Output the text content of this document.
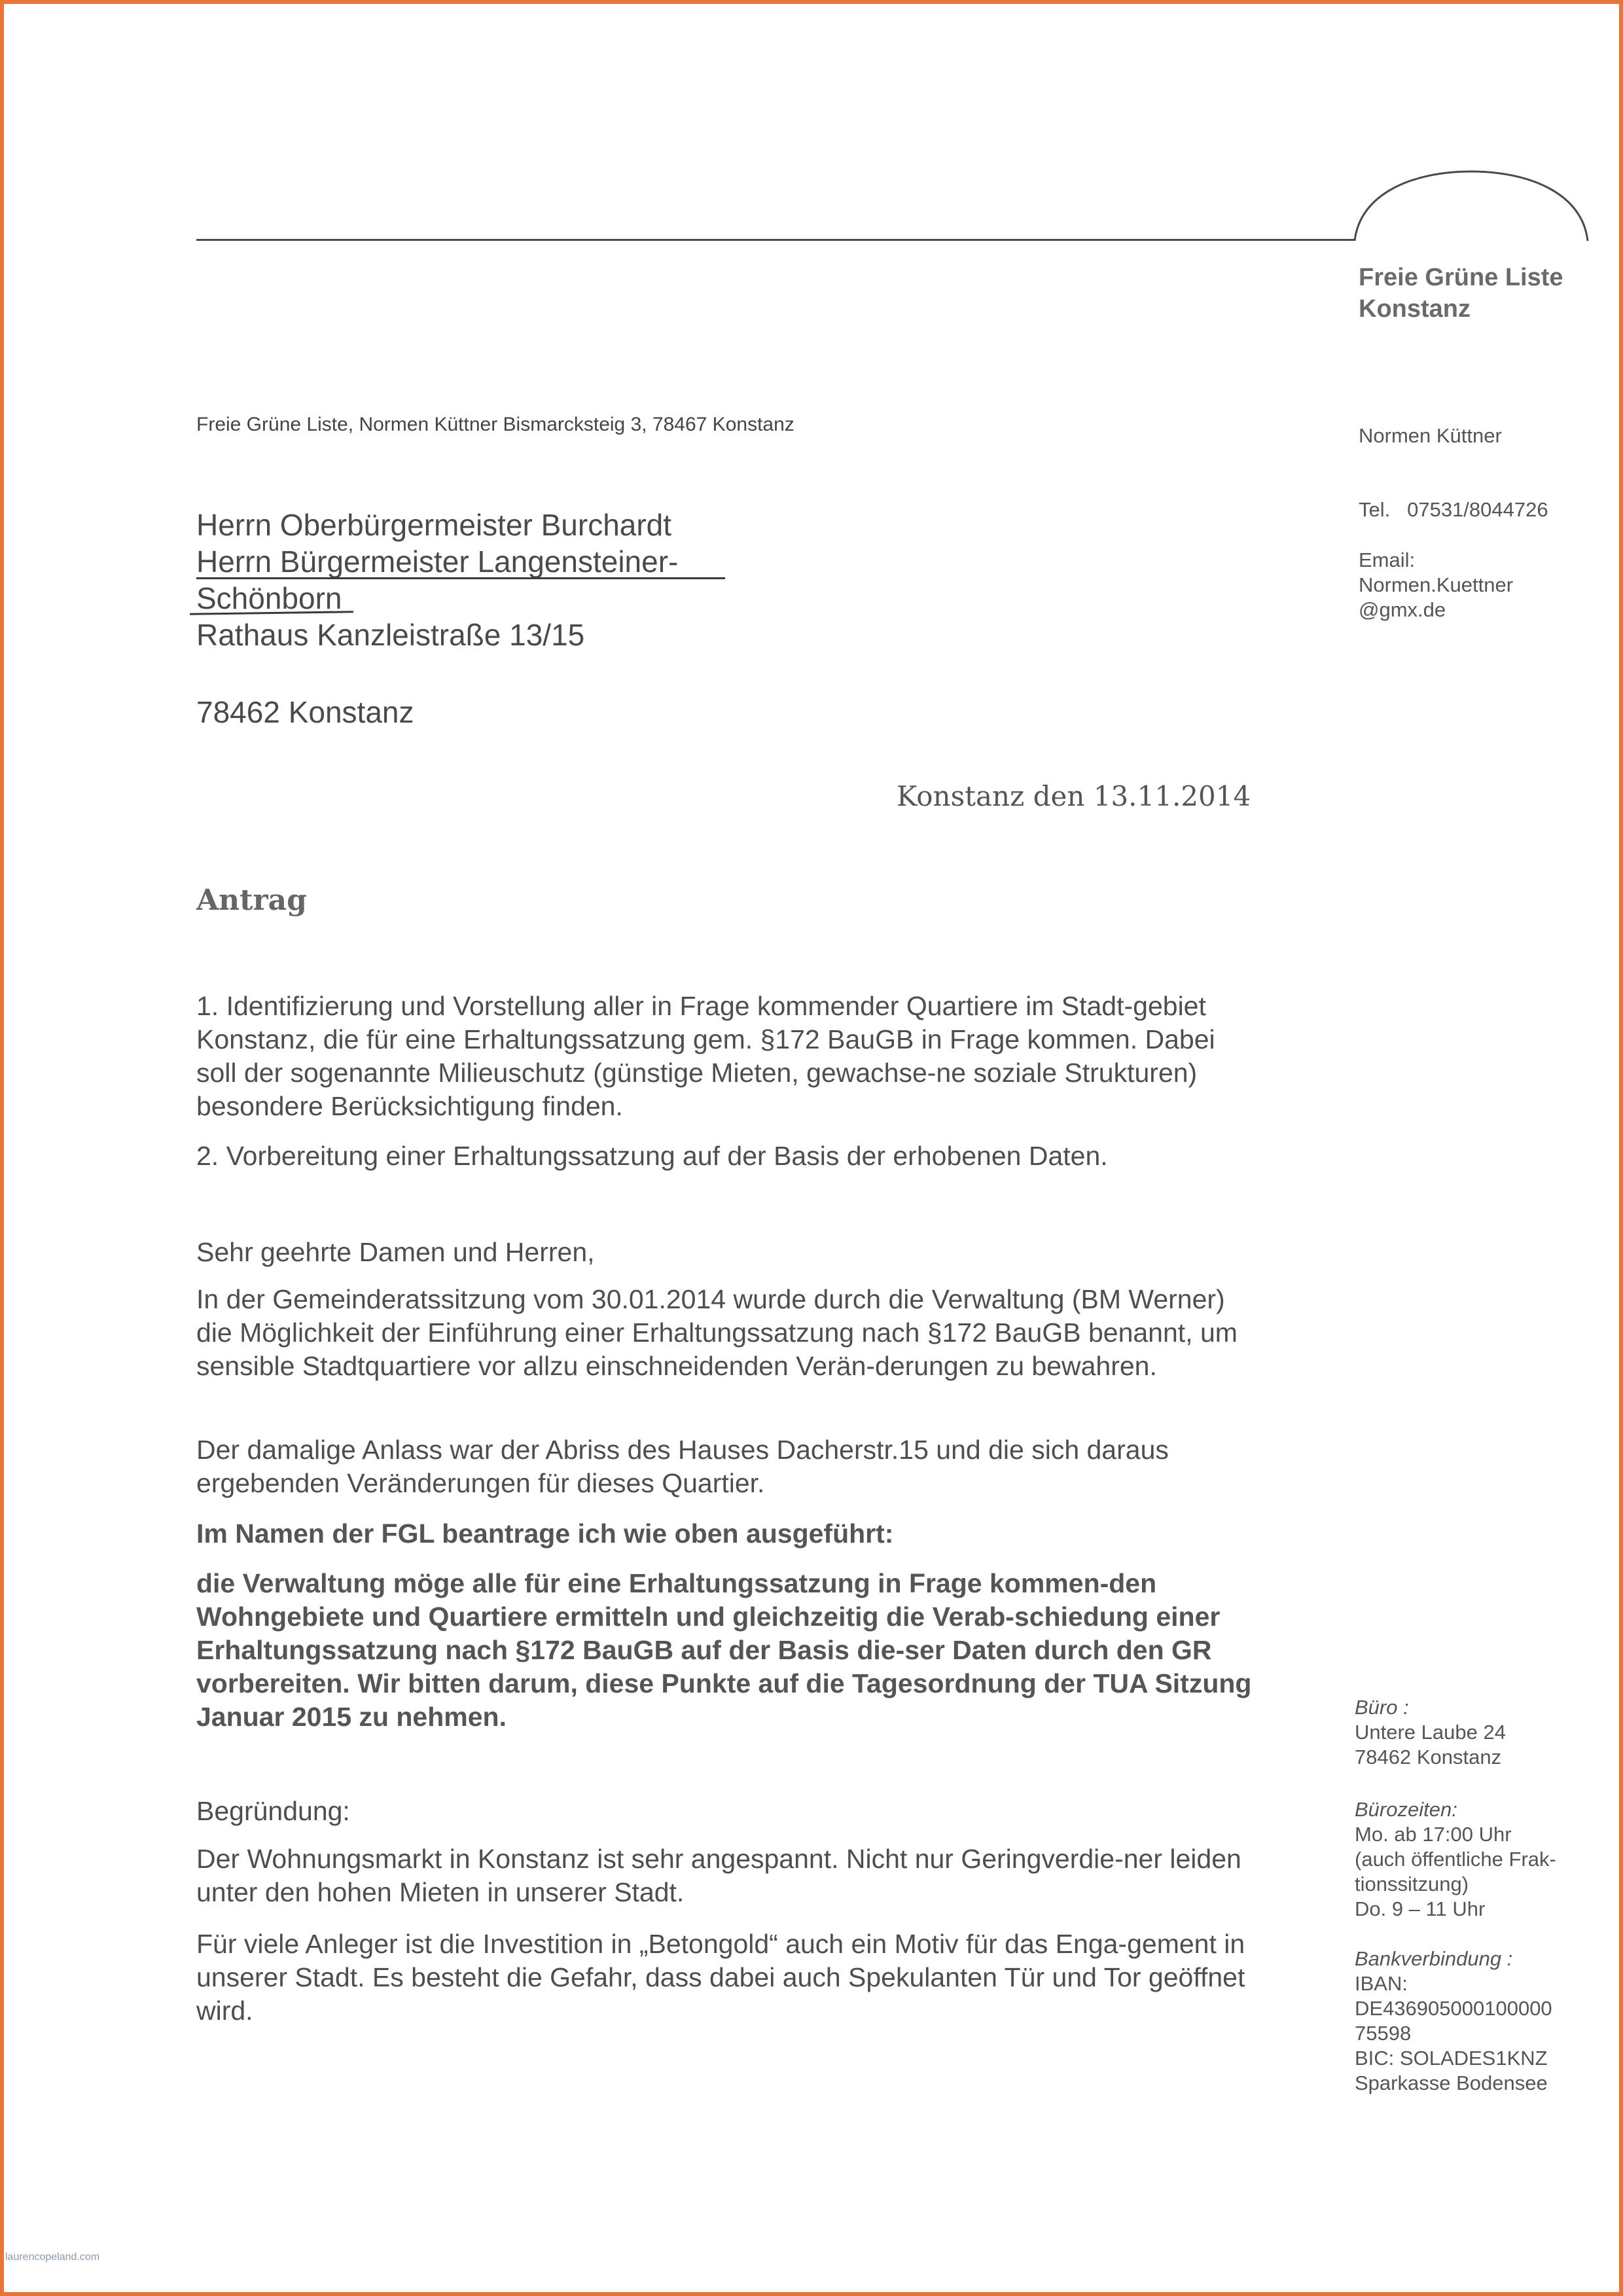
Freie Grüne Liste
Konstanz

Freie Grüne Liste, Normen Küttner Bismarcksteig 3, 78467 Konstanz	Normen Küttner
Tel. 07531/8044726
Email:
Normen.Kuettner
@gmx.de
Herrn Oberbürgermeister Burchardt
Herrn Bürgermeister Langensteiner-
Schönborn
Rathaus Kanzleistraße 13/15
78462 Konstanz

Konstanz den 13.11.2014

Antrag

1. Identifizierung und Vorstellung aller in Frage kommender Quartiere im Stadt-gebiet Konstanz, die für eine Erhaltungssatzung gem. §172 BauGB in Frage kommen. Dabei soll der sogenannte Milieuschutz (günstige Mieten, gewachse-ne soziale Strukturen) besondere Berücksichtigung finden.

2. Vorbereitung einer Erhaltungssatzung auf der Basis der erhobenen Daten.

Sehr geehrte Damen und Herren,

In der Gemeinderatssitzung vom 30.01.2014 wurde durch die Verwaltung (BM Werner) die Möglichkeit der Einführung einer Erhaltungssatzung nach §172 BauGB benannt, um sensible Stadtquartiere vor allzu einschneidenden Verän-derungen zu bewahren.

Der damalige Anlass war der Abriss des Hauses Dacherstr.15 und die sich daraus ergebenden Veränderungen für dieses Quartier.

Im Namen der FGL beantrage ich wie oben ausgeführt:

die Verwaltung möge alle für eine Erhaltungssatzung in Frage kommen-den Wohngebiete und Quartiere ermitteln und gleichzeitig die Verab-schiedung einer Erhaltungssatzung nach §172 BauGB auf der Basis die-ser Daten durch den GR vorbereiten. Wir bitten darum, diese Punkte auf die Tagesordnung der TUA Sitzung Januar 2015 zu nehmen.

Begründung:

Der Wohnungsmarkt in Konstanz ist sehr angespannt. Nicht nur Geringverdie-ner leiden unter den hohen Mieten in unserer Stadt.

Für viele Anleger ist die Investition in „Betongold“ auch ein Motiv für das Enga-gement in unserer Stadt. Es besteht die Gefahr, dass dabei auch Spekulanten Tür und Tor geöffnet wird.

Büro :
Untere Laube 24
78462 Konstanz
Bürozeiten:
Mo. ab 17:00 Uhr
(auch öffentliche Frak-
tionssitzung)
Do. 9 – 11 Uhr
Bankverbindung :
IBAN:
DE436905000100000
75598
BIC: SOLADES1KNZ
Sparkasse Bodensee

laurencopeland.com
